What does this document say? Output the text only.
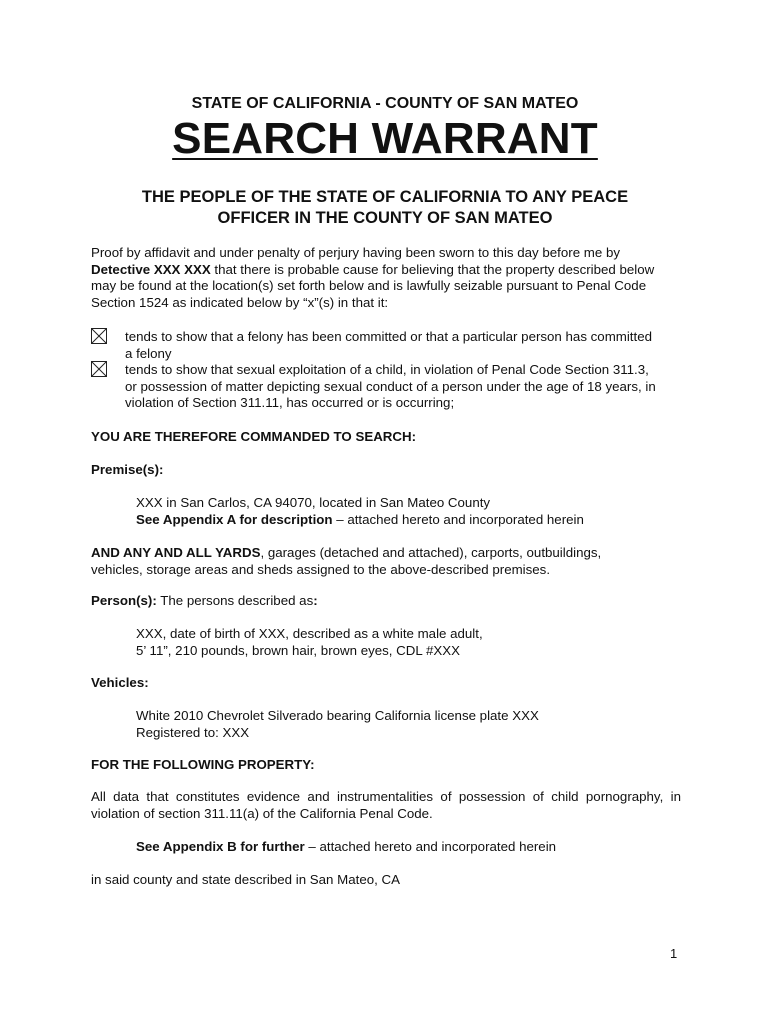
STATE OF CALIFORNIA - COUNTY OF SAN MATEO
SEARCH WARRANT
THE PEOPLE OF THE STATE OF CALIFORNIA TO ANY PEACE
OFFICER IN THE COUNTY OF SAN MATEO
Proof by affidavit and under penalty of perjury having been sworn to this day before me by
Detective XXX XXX that there is probable cause for believing that the property described below
may be found at the location(s) set forth below and is lawfully seizable pursuant to Penal Code
Section 1524 as indicated below by “x”(s) in that it:
tends to show that a felony has been committed or that a particular person has committed
a felony
tends to show that sexual exploitation of a child, in violation of Penal Code Section 311.3,
or possession of matter depicting sexual conduct of a person under the age of 18 years, in
violation of Section 311.11, has occurred or is occurring;
YOU ARE THEREFORE COMMANDED TO SEARCH:
Premise(s):
XXX in San Carlos, CA 94070, located in San Mateo County
See Appendix A for description – attached hereto and incorporated herein
AND ANY AND ALL YARDS, garages (detached and attached), carports, outbuildings,
vehicles, storage areas and sheds assigned to the above-described premises.
Person(s): The persons described as:
XXX, date of birth of XXX, described as a white male adult,
5’ 11”, 210 pounds, brown hair, brown eyes, CDL #XXX
Vehicles:
White 2010 Chevrolet Silverado bearing California license plate XXX
Registered to: XXX
FOR THE FOLLOWING PROPERTY:
All data that constitutes evidence and instrumentalities of possession of child pornography, in violation of section 311.11(a) of the California Penal Code.
See Appendix B for further – attached hereto and incorporated herein
in said county and state described in San Mateo, CA
1
